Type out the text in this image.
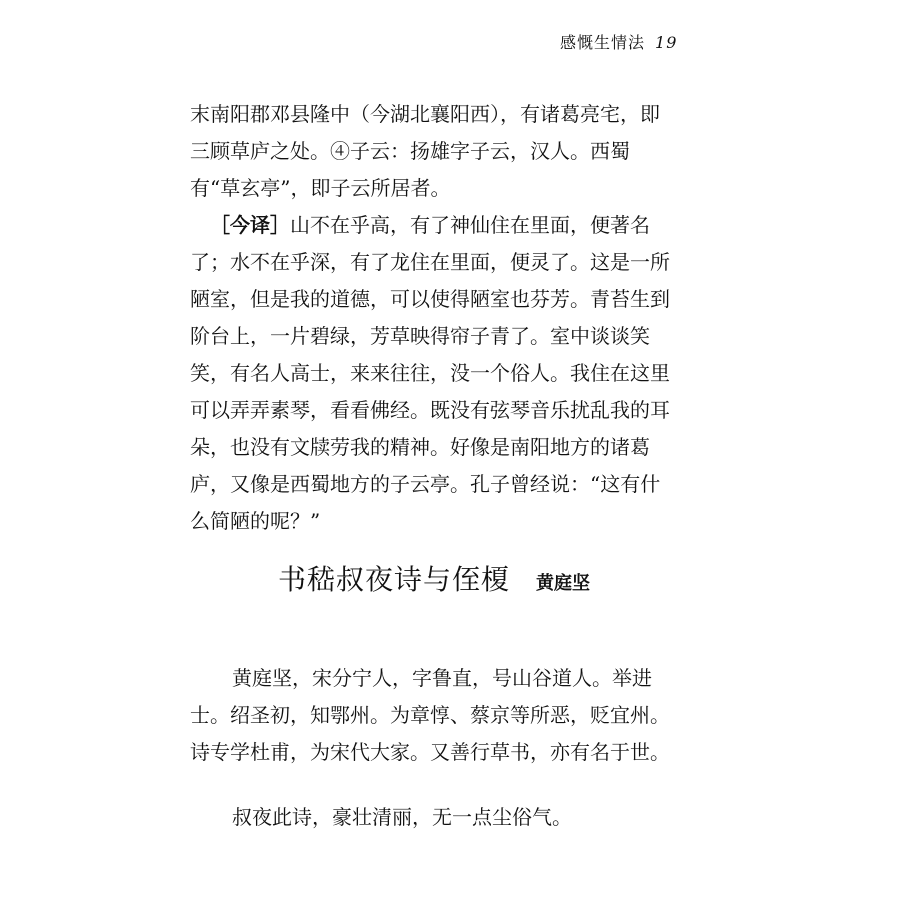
感慨生情法 19

末南阳郡邓县隆中（今湖北襄阳西），有诸葛亮宅，即三顾草庐之处。④子云：扬雄字子云，汉人。西蜀有“草玄亭”，即子云所居者。

［今译］山不在乎高，有了神仙住在里面，便著名了；水不在乎深，有了龙住在里面，便灵了。这是一所陋室，但是我的道德，可以使得陋室也芬芳。青苔生到阶台上，一片碧绿，芳草映得帘子青了。室中谈谈笑笑，有名人高士，来来往往，没一个俗人。我住在这里可以弄弄素琴，看看佛经。既没有弦琴音乐扰乱我的耳朵，也没有文牍劳我的精神。好像是南阳地方的诸葛庐，又像是西蜀地方的子云亭。孔子曾经说：“这有什么简陋的呢？”

书嵇叔夜诗与侄榎 黄庭坚

黄庭坚，宋分宁人，字鲁直，号山谷道人。举进士。绍圣初，知鄂州。为章惇、蔡京等所恶，贬宜州。诗专学杜甫，为宋代大家。又善行草书，亦有名于世。

叔夜此诗，豪壮清丽，无一点尘俗气。
